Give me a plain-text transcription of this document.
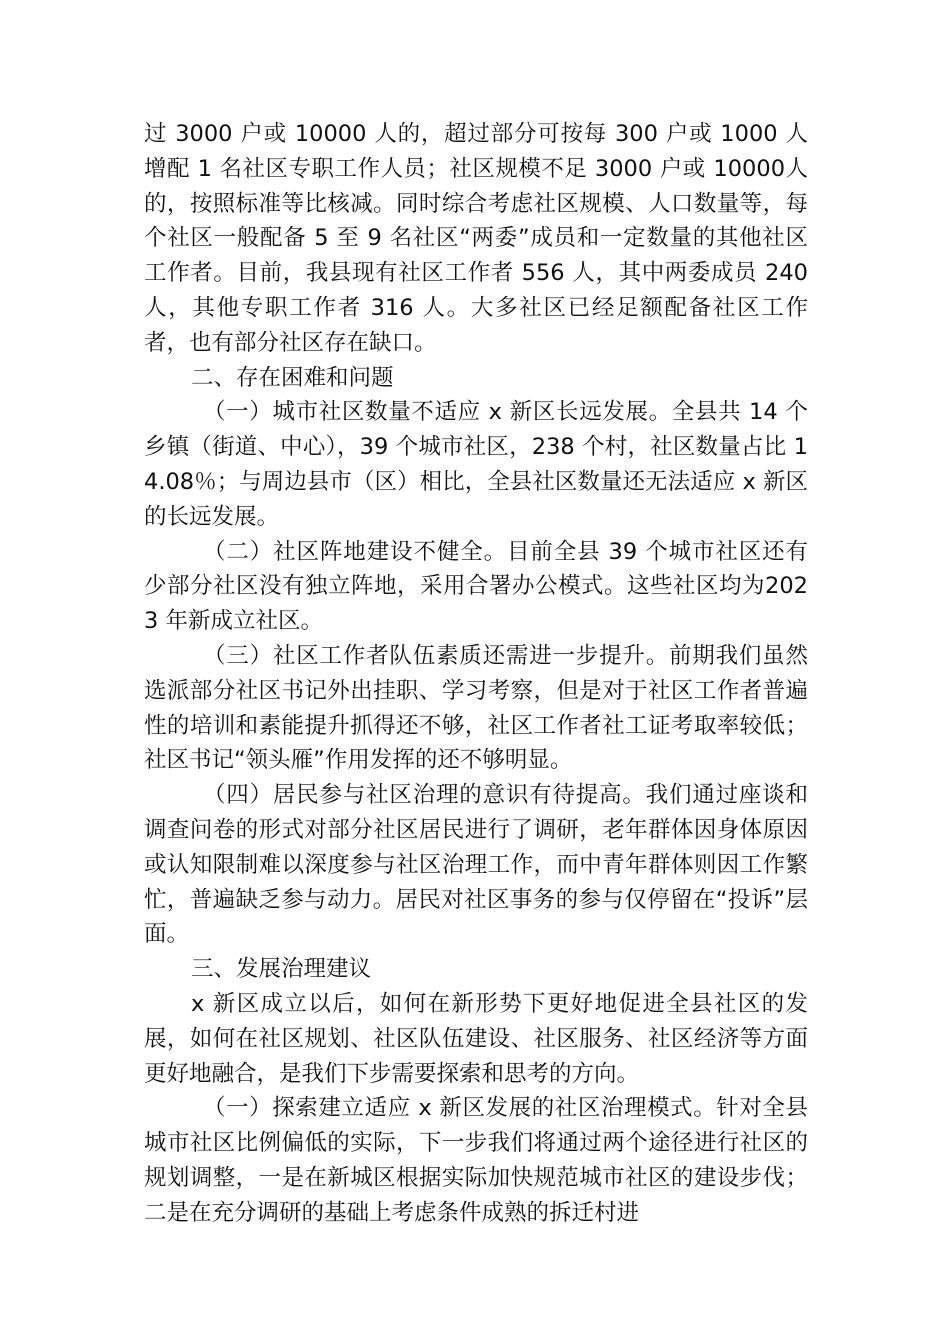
过 3000 户或 10000 人的，超过部分可按每 300 户或 1000 人增配 1 名社区专职工作人员；社区规模不足 3000 户或 10000人的，按照标准等比核减。同时综合考虑社区规模、人口数量等，每个社区一般配备 5 至 9 名社区“两委”成员和一定数量的其他社区工作者。目前，我县现有社区工作者 556 人，其中两委成员 240 人，其他专职工作者 316 人。大多社区已经足额配备社区工作者，也有部分社区存在缺口。

二、存在困难和问题

（一）城市社区数量不适应 x 新区长远发展。全县共 14 个乡镇（街道、中心），39 个城市社区，238 个村，社区数量占比 14.08％；与周边县市（区）相比，全县社区数量还无法适应 x 新区的长远发展。

（二）社区阵地建设不健全。目前全县 39 个城市社区还有少部分社区没有独立阵地，采用合署办公模式。这些社区均为2023 年新成立社区。

（三）社区工作者队伍素质还需进一步提升。前期我们虽然选派部分社区书记外出挂职、学习考察，但是对于社区工作者普遍性的培训和素能提升抓得还不够，社区工作者社工证考取率较低；社区书记“领头雁”作用发挥的还不够明显。

（四）居民参与社区治理的意识有待提高。我们通过座谈和调查问卷的形式对部分社区居民进行了调研，老年群体因身体原因或认知限制难以深度参与社区治理工作，而中青年群体则因工作繁忙，普遍缺乏参与动力。居民对社区事务的参与仅停留在“投诉”层面。

三、发展治理建议

x 新区成立以后，如何在新形势下更好地促进全县社区的发展，如何在社区规划、社区队伍建设、社区服务、社区经济等方面更好地融合，是我们下步需要探索和思考的方向。

（一）探索建立适应 x 新区发展的社区治理模式。针对全县城市社区比例偏低的实际，下一步我们将通过两个途径进行社区的规划调整，一是在新城区根据实际加快规范城市社区的建设步伐；二是在充分调研的基础上考虑条件成熟的拆迁村进
